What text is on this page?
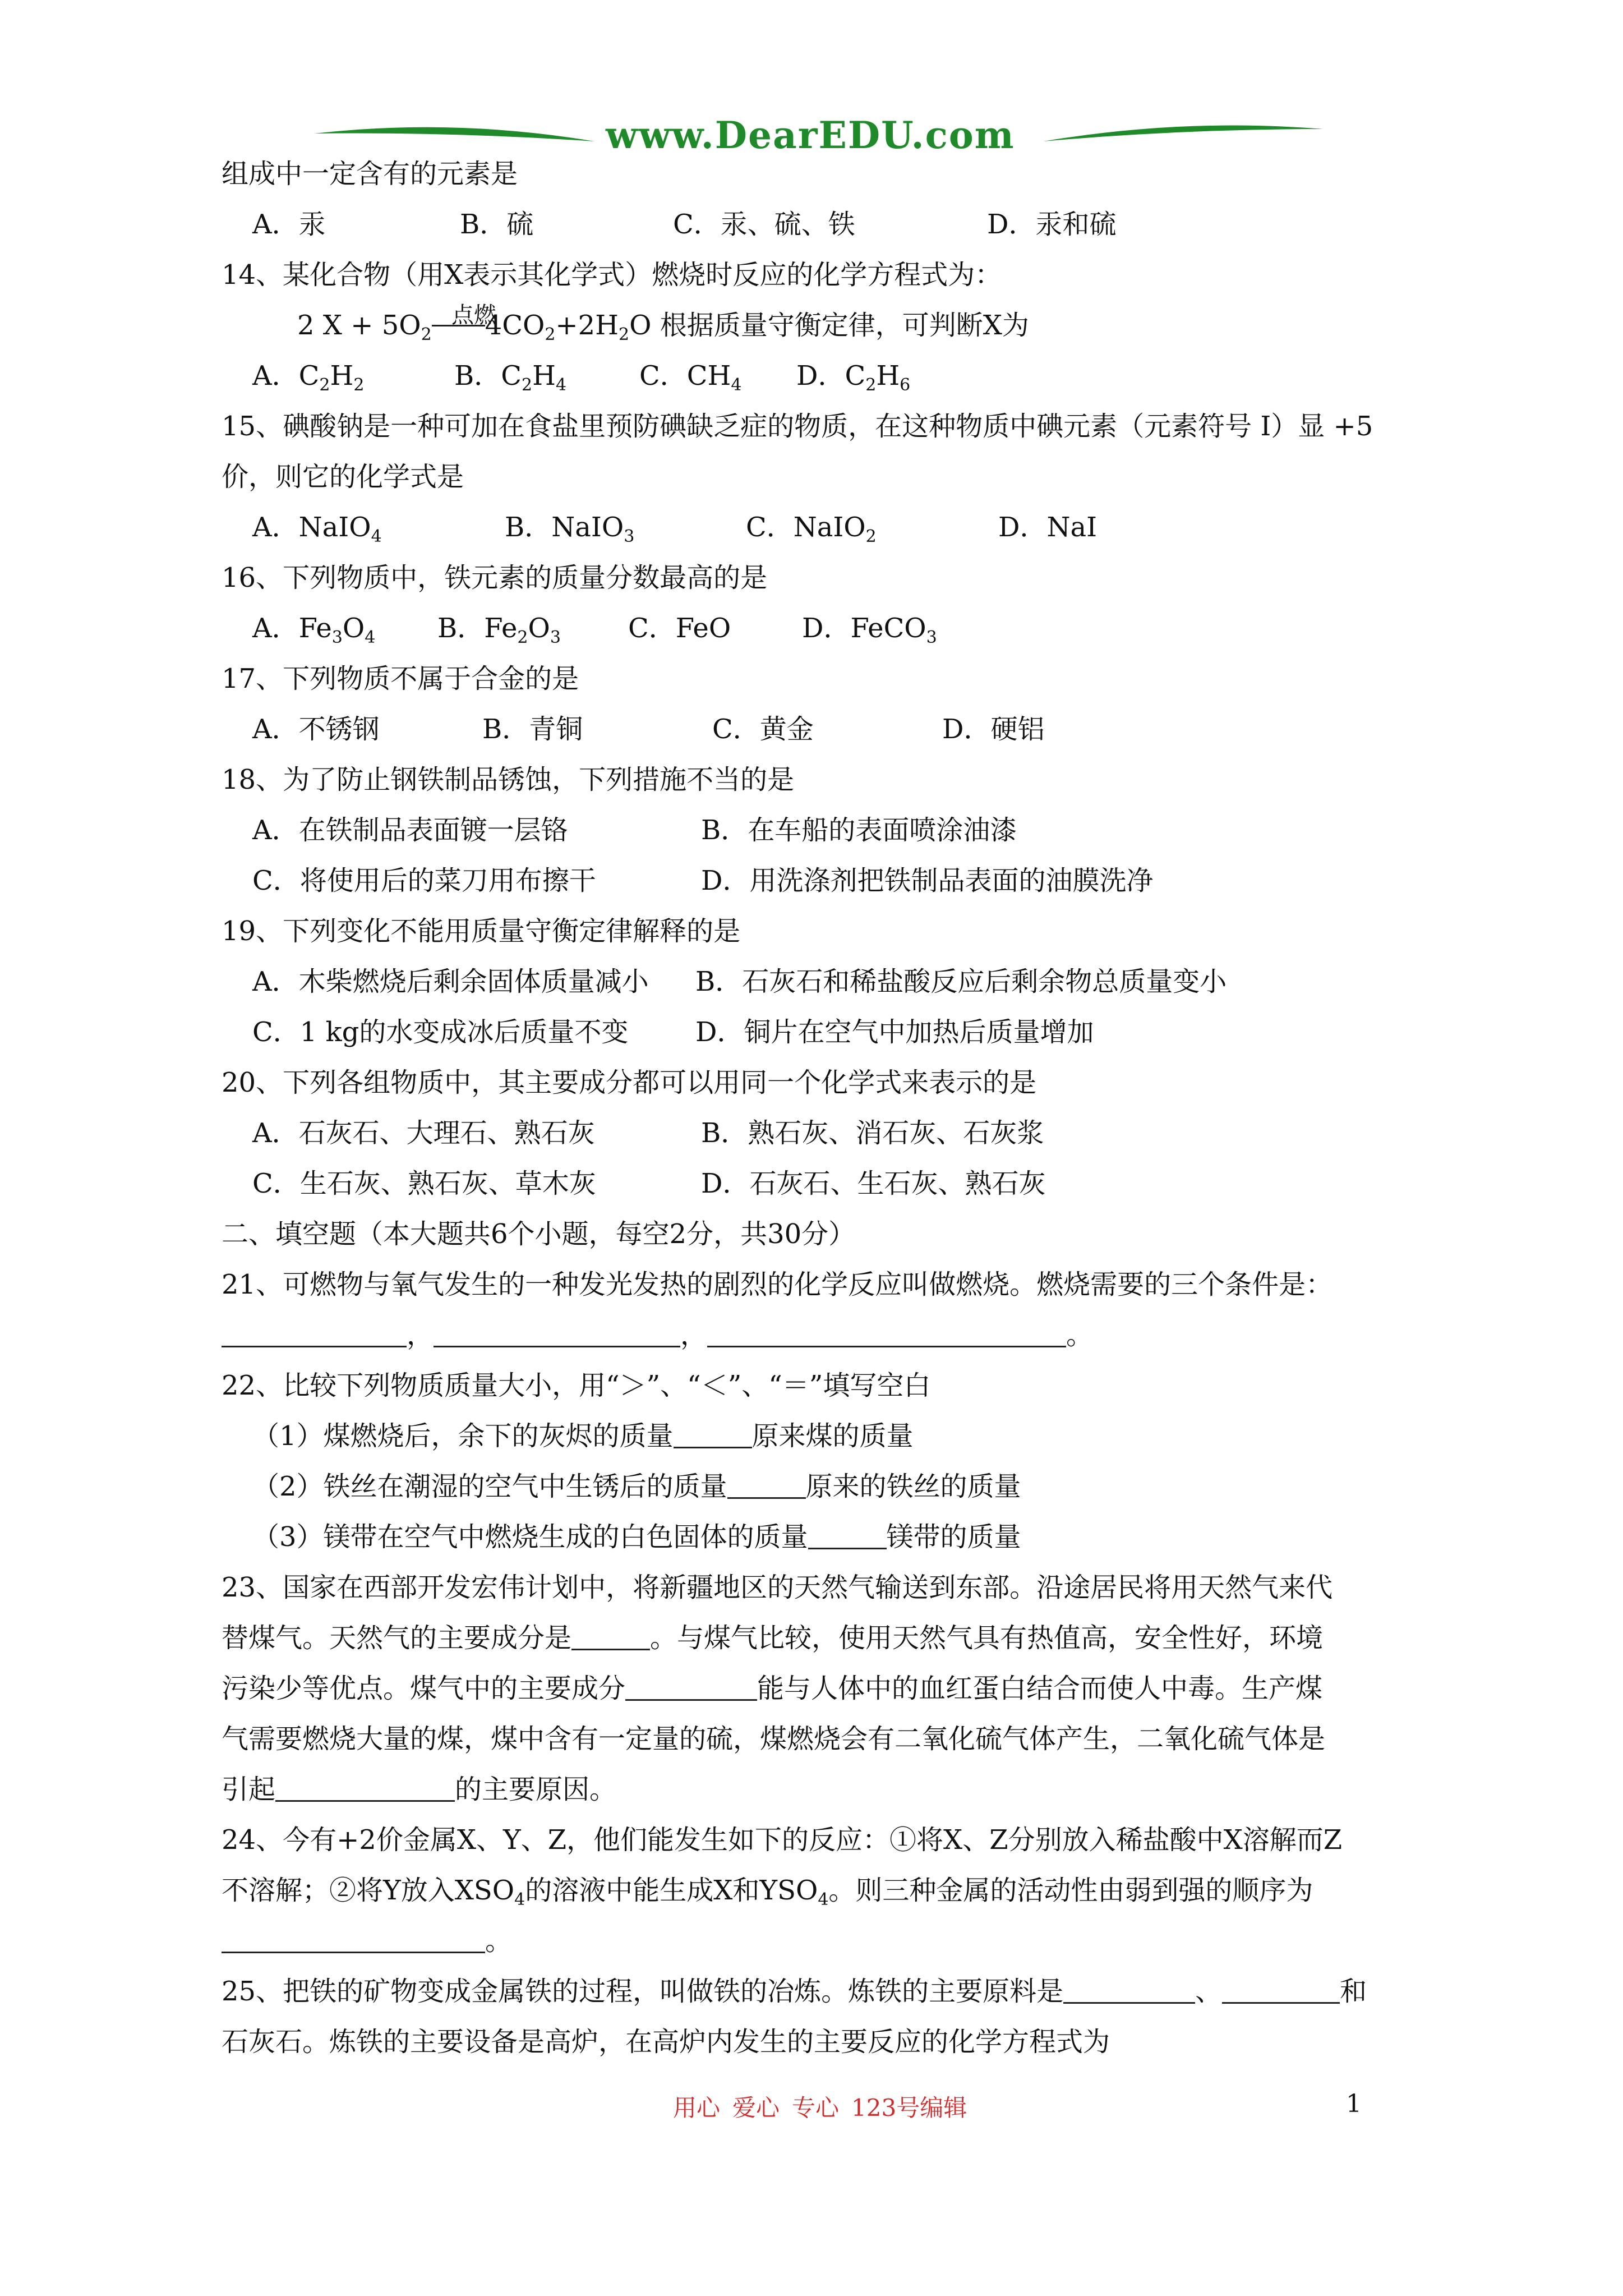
www.DearEDU.com
组成中一定含有的元素是
A．汞	B．硫	C．汞、硫、铁	D．汞和硫
14、某化合物（用X表示其化学式）燃烧时反应的化学方程式为：
2 $X + 5O_2$ $4CO_2+2H_2O$ 根据质量守衡定律，可判断X为
点燃
A．$C_2H_2$	B．$C_2H_4$	C．$CH_4$ D．$C_2H_6$
15、碘酸钠是一种可加在食盐里预防碘缺乏症的物质，在这种物质中碘元素（元素符号 I）显 +5
价，则它的化学式是
A．NaIO$_4$	B．NaIO$_3$	C．NaIO$_2$	D．NaI
16、下列物质中，铁元素的质量分数最高的是
A．$Fe_3O_4$ B．$Fe_2O_3$	C．FeO	D．FeCO$_3$
17、下列物质不属于合金的是
A．不锈钢	B．青铜	C．黄金	D．硬铝
18、为了防止钢铁制品锈蚀，下列措施不当的是
A．在铁制品表面镀一层铬	B．在车船的表面喷涂油漆
C．将使用后的菜刀用布擦干	D．用洗涤剂把铁制品表面的油膜洗净
19、下列变化不能用质量守衡定律解释的是
A．木柴燃烧后剩余固体质量减小 B．石灰石和稀盐酸反应后剩余物总质量变小
C．1 kg的水变成冰后质量不变 D．铜片在空气中加热后质量增加
20、下列各组物质中，其主要成分都可以用同一个化学式来表示的是
A．石灰石、大理石、熟石灰	B．熟石灰、消石灰、石灰浆
C．生石灰、熟石灰、草木灰	D．石灰石、生石灰、熟石灰
二、填空题（本大题共6个小题，每空2分，共30分）
21、可燃物与氧气发生的一种发光发热的剧烈的化学反应叫做燃烧。燃烧需要的三个条件是：
，	，	。
22、比较下列物质质量大小，用“＞”、“＜”、“＝”填写空白
（1）煤燃烧后，余下的灰烬的质量	原来煤的质量
（2）铁丝在潮湿的空气中生锈后的质量	原来的铁丝的质量
（3）镁带在空气中燃烧生成的白色固体的质量	镁带的质量
23、国家在西部开发宏伟计划中，将新疆地区的天然气输送到东部。沿途居民将用天然气来代
替煤气。天然气的主要成分是	。与煤气比较，使用天然气具有热值高，安全性好，环境
污染少等优点。煤气中的主要成分	能与人体中的血红蛋白结合而使人中毒。生产煤
气需要燃烧大量的煤，煤中含有一定量的硫，煤燃烧会有二氧化硫气体产生，二氧化硫气体是
引起	的主要原因。
24、今有+2价金属X、Y、Z，他们能发生如下的反应：①将X、Z分别放入稀盐酸中X溶解而Z
不溶解；②将Y放入$XSO_4$的溶液中能生成X和$YSO_4$。则三种金属的活动性由弱到强的顺序为
。
25、把铁的矿物变成金属铁的过程，叫做铁的冶炼。炼铁的主要原料是	、	和
石灰石。炼铁的主要设备是高炉，在高炉内发生的主要反应的化学方程式为
用心 爱心 专心 123号编辑	1
